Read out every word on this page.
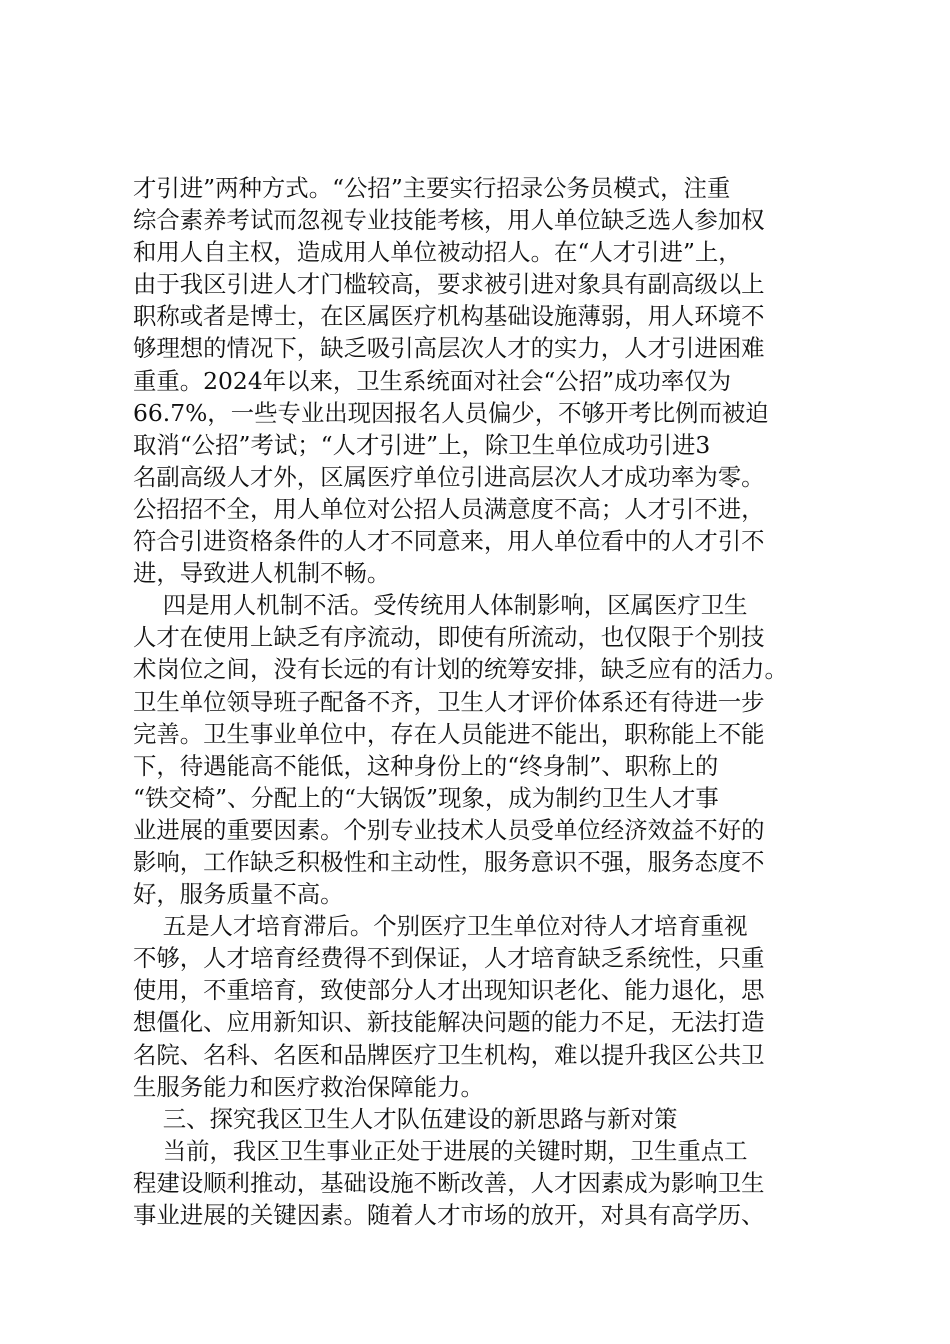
才引进”两种方式。“公招”主要实行招录公务员模式，注重
综合素养考试而忽视专业技能考核，用人单位缺乏选人参加权
和用人自主权，造成用人单位被动招人。在“人才引进”上，
由于我区引进人才门槛较高，要求被引进对象具有副高级以上
职称或者是博士，在区属医疗机构基础设施薄弱，用人环境不
够理想的情况下，缺乏吸引高层次人才的实力，人才引进困难
重重。2024年以来，卫生系统面对社会“公招”成功率仅为
66.7%，一些专业出现因报名人员偏少，不够开考比例而被迫
取消“公招”考试；“人才引进”上，除卫生单位成功引进3
名副高级人才外，区属医疗单位引进高层次人才成功率为零。
公招招不全，用人单位对公招人员满意度不高；人才引不进，
符合引进资格条件的人才不同意来，用人单位看中的人才引不
进，导致进人机制不畅。
四是用人机制不活。受传统用人体制影响，区属医疗卫生
人才在使用上缺乏有序流动，即使有所流动，也仅限于个别技
术岗位之间，没有长远的有计划的统筹安排，缺乏应有的活力。
卫生单位领导班子配备不齐，卫生人才评价体系还有待进一步
完善。卫生事业单位中，存在人员能进不能出，职称能上不能
下，待遇能高不能低，这种身份上的“终身制”、职称上的
“铁交椅”、分配上的“大锅饭”现象，成为制约卫生人才事
业进展的重要因素。个别专业技术人员受单位经济效益不好的
影响，工作缺乏积极性和主动性，服务意识不强，服务态度不
好，服务质量不高。
五是人才培育滞后。个别医疗卫生单位对待人才培育重视
不够，人才培育经费得不到保证，人才培育缺乏系统性，只重
使用，不重培育，致使部分人才出现知识老化、能力退化，思
想僵化、应用新知识、新技能解决问题的能力不足，无法打造
名院、名科、名医和品牌医疗卫生机构，难以提升我区公共卫
生服务能力和医疗救治保障能力。
三、探究我区卫生人才队伍建设的新思路与新对策
当前，我区卫生事业正处于进展的关键时期，卫生重点工
程建设顺利推动，基础设施不断改善，人才因素成为影响卫生
事业进展的关键因素。随着人才市场的放开，对具有高学历、
